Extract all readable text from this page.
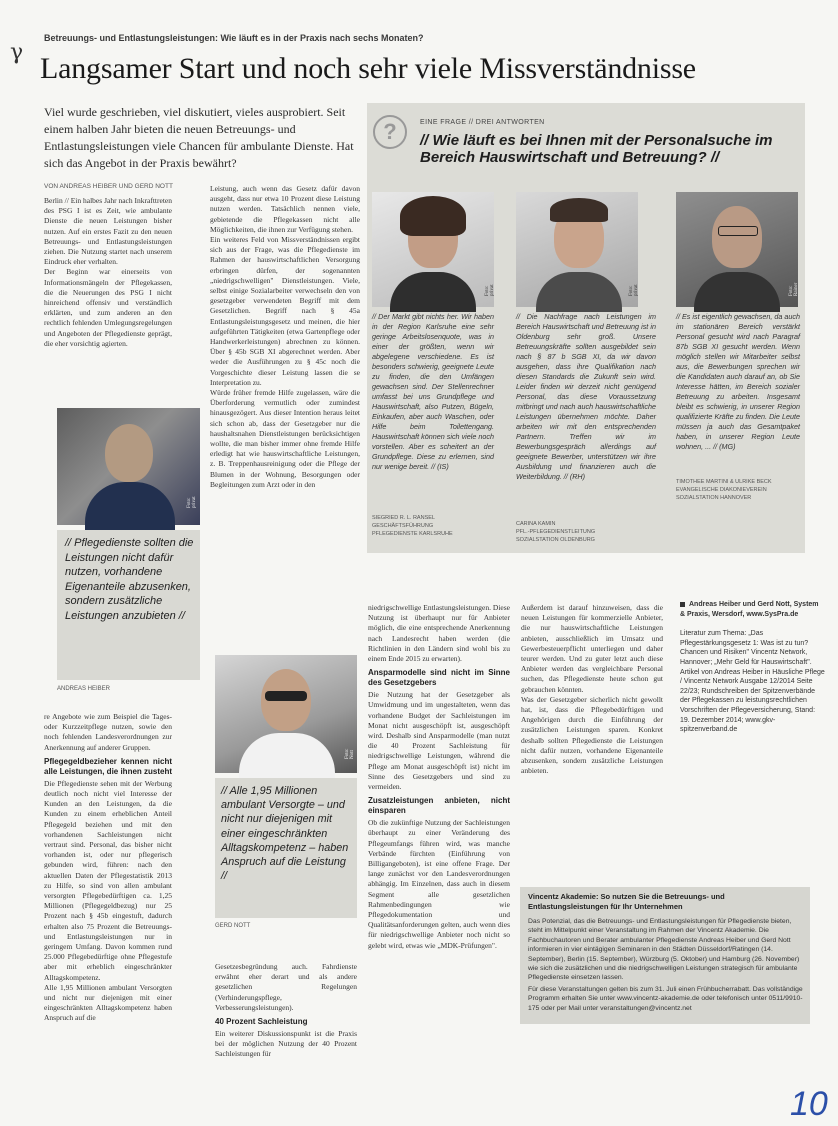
Betreuungs- und Entlastungsleistungen: Wie läuft es in der Praxis nach sechs Monaten?
γ Langsamer Start und noch sehr viele Missverständnisse
Viel wurde geschrieben, viel diskutiert, vieles ausprobiert. Seit einem halben Jahr bieten die neuen Betreuungs- und Entlastungsleistungen viele Chancen für ambulante Dienste. Hat sich das Angebot in der Praxis bewährt?
VON ANDREAS HEIBER UND GERD NOTT

Berlin // Ein halbes Jahr nach Inkrafttreten des PSG I ist es Zeit, wie ambulante Dienste die neuen Leistungen bisher nutzen. Auf ein erstes Fazit zu den neuen Betreuungs- und Entlastungsleistungen ziehen. Die Nutzung startet nach unserem Eindruck eher verhalten.

Der Beginn war einerseits von Informationsmängeln der Pflegekassen, die die Neuerungen des PSG I nicht hinreichend offensiv und verständlich erklärten, und zum anderen an den rechtlich fehlenden Umlegungsregelungen und Angeboten der Pflegedienste geprägt, die eher vorsichtig agierten.

Foto: privat
// Pflegedienste sollten die Leistungen nicht dafür nutzen, vorhandene Eigenanteile abzusenken, sondern zusätzliche Leistungen anzubieten //
ANDREAS HEIBER

re Angebote wie zum Beispiel die Tages- oder Kurzzeitpflege nutzen, sowie den noch fehlenden Landesverordnungen zur Anerkennung auf anderer Gruppen.

Pflegegeldbezieher kennen nicht alle Leistungen, die ihnen zusteht

Die Pflegedienste sehen mit der Werbung deutlich noch nicht viel Interesse der Kunden an den Leistungen, da die Kunden zu einem erheblichen Anteil Pflegegeld beziehen und mit den vorhandenen Sachleistungen nicht vertraut sind. Personal, das bisher nicht vorhanden ist, oder nur pflegerisch gebunden wird, führen: nach den aktuellen Daten der Pflegestatistik 2013 zu Hilfe, so sind von allen ambulant versorgten Pflegebedürftigen ca. 1,25 Millionen (Pflegegeldbezug) nur 25 Prozent nach § 45b eingestuft, dadurch erhalten also 75 Prozent die Betreuungs- und Entlastungsleistungen nur in geringem Umfang. Davon kommen rund 25.000 Pflegebedürftige ohne Pflegestufe aber mit erheblich eingeschränkter Alltagskompetenz.

Alle 1,95 Millionen ambulant Versorgten und nicht nur diejenigen mit einer eingeschränkten Alltagskompetenz haben Anspruch auf die

Leistung, auch wenn das Gesetz dafür davon ausgeht, dass nur etwa 10 Prozent diese Leistung nutzen werden. Tatsächlich nennen viele, gebietende die Pflegekassen nicht alle Möglichkeiten, die ihnen zur Verfügung stehen.

Ein weiteres Feld von Missverständnissen ergibt sich aus der Frage, was die Pflegedienste im Rahmen der hauswirtschaftlichen Versorgung erbringen dürfen, der sogenannten „niedrigschwelligen" Dienstleistungen. Viele, selbst einige Sozialarbeiter verwechseln den von gesetzgeber verwendeten Begriff mit dem Gesetzlichen. Begriff nach § 45a Entlastungsleistungsgesetz und meinen, die hier aufgeführten Tätigkeiten (etwa Gartenpflege oder Handwerkerleistungen) abrechnen zu können. Über § 45b SGB XI abgerechnet werden. Aber weder die Ausführungen zu § 45c noch die Vorgeschichte dieser Leistung lassen die se Interpretation zu.

Würde früher fremde Hilfe zugelassen, wäre die Überforderung vermutlich oder zumindest hinausgezögert. Aus dieser Intention heraus leitet sich schon ab, dass der Gesetzgeber nur die haushaltsnahen Dienstleistungen berücksichtigen wollte, die man bisher immer ohne fremde Hilfe erledigt hat wie hauswirtschaftliche Leistungen, z. B. Treppenhausreinigung oder die Pflege der Blumen in der Wohnung, Besorgungen oder Begleitungen zum Arzt oder in den

Foto: Nott
// Alle 1,95 Millionen ambulant Versorgte – und nicht nur diejenigen mit einer eingeschränkten Alltagskompetenz – haben Anspruch auf die Leistung //
GERD NOTT

Gesetzesbegründung auch. Fahrdienste erwähnt eher derart und als andere gesetzlichen Regelungen (Verhinderungspflege, Verbesserungsleistungen).

40 Prozent Sachleistung

Ein weiterer Diskussionspunkt ist die Praxis bei der möglichen Nutzung der 40 Prozent Sachleistungen für

niedrigschwellige Entlastungsleistungen. Diese Nutzung ist überhaupt nur für Anbieter möglich, die eine entsprechende Anerkennung nach Landesrecht haben werden (die Richtlinien in den Ländern sind wohl bis zu einem Ende 2015 zu erwarten).

Ansparmodelle sind nicht im Sinne des Gesetzgebers

Die Nutzung hat der Gesetzgeber als Umwidmung und im ungestalteten, wenn das vorhandene Budget der Sachleistungen im Monat nicht ausgeschöpft ist, ausgeschöpft wird. Deshalb sind Ansparmodelle (man nutzt die 40 Prozent Sachleistung für niedrigschwellige Leistungen, während die Pflege am Monat ausgeschöpft ist) nicht im Sinne des Gesetzgebers und sind zu vermeiden.

Zusatzleistungen anbieten, nicht einsparen

Ob die zukünftige Nutzung der Sachleistungen überhaupt zu einer Veränderung des Pflegeumfangs führen wird, was manche Verbände fürchten (Einführung von Billigangeboten), ist eine offene Frage. Der lange zunächst vor den Landesverordnungen abhängig. Im Einzelnen, dass auch in diesem Segment alle gesetzlichen Rahmenbedingungen wie Pflegedokumentation und Qualitätsanforderungen gelten, auch wenn dies für niedrigschwellige Anbieter noch nicht so gelebt wird, etwas wie „MDK-Prüfungen".

Außerdem ist darauf hinzuweisen, dass die neuen Leistungen für kommerzielle Anbieter, die nur hauswirtschaftliche Leistungen anbieten, ausschließlich im Umsatz und Gewerbesteuerpflicht unterliegen und daher teurer werden. Und zu guter letzt auch diese Anbieter werden das vergleichbare Personal suchen, das Pflegedienste heute schon gut gebrauchen könnten.

Was der Gesetzgeber sicherlich nicht gewollt hat, ist, dass die Pflegebedürftigen und Angehörigen durch die Einführung der zusätzlichen Leistungen sparen. Konkret deshalb sollten Pflegedienste die Leistungen nicht dafür nutzen, vorhandene Eigenanteile abzusenken, sondern zusätzliche Leistungen anbieten.

?	EINE FRAGE // DREI ANTWORTEN
// Wie läuft es bei Ihnen mit der Personalsuche im Bereich Hauswirtschaft und Betreuung? //
Foto: privat	Foto: privat	Foto: Rainer
// Der Markt gibt nichts her. Wir haben in der Region Karlsruhe eine sehr geringe Arbeitslosenquote, was in einer der größten, wenn wir abgelegene verschiedene. Es ist besonders schwierig, geeignete Leute zu finden, die den Umfängen gewachsen sind. Der Stellenrechner umfasst bei uns Grundpflege und Hauswirtschaft, also Putzen, Bügeln, Einkaufen, aber auch Waschen, oder Hilfe beim Toilettengang. Hauswirtschaft können sich viele noch vorstellen. Aber es scheitert an der Grundpflege. Diese zu erlernen, sind nur wenige bereit. // (IS)
SIEGRIED R. L. RANSEL
GESCHÄFTSFÜHRUNG
PFLEGEDIENSTE KARLSRUHE
// Die Nachfrage nach Leistungen im Bereich Hauswirtschaft und Betreuung ist in Oldenburg sehr groß. Unsere Betreuungskräfte sollten ausgebildet sein nach § 87 b SGB XI, da wir davon ausgehen, dass ihre Qualifikation nach diesen Standards die Zukunft sein wird. Leider finden wir derzeit nicht genügend Personal, das diese Voraussetzung mitbringt und nach auch hauswirtschaftliche Leistungen übernehmen möchte. Daher arbeiten wir mit den entsprechenden Partnern. Treffen wir im Bewerbungsgespräch allerdings auf geeignete Bewerber, unterstützen wir ihre Ausbildung und finanzieren auch die Weiterbildung. // (RH)
CARINA KAMIN
PFL.-PFLEGEDIENSTLEITUNG
SOZIALSTATION OLDENBURG
// Es ist eigentlich gewachsen, da auch im stationären Bereich verstärkt Personal gesucht wird nach Paragraf 87b SGB XI gesucht werden. Wenn möglich stellen wir Mitarbeiter selbst aus, die Bewerbungen sprechen wir die Kandidaten auch darauf an, ob Sie Interesse hätten, im Bereich sozialer Betreuung zu arbeiten. Insgesamt bleibt es schwierig, in unserer Region qualifizierte Kräfte zu finden. Die Leute müssen ja auch das Gesamtpaket haben, in unserer Region Leute wohnen, ... // (MG)
TIMOTHEE MARTINI & ULRIKE BECK
EVANGELISCHE DIAKONIEVEREIN
SOZIALSTATION HANNOVER
Andreas Heiber und Gerd Nott, System & Praxis, Wersdorf, www.SysPra.de
Literatur zum Thema: „Das Pflegestärkungsgesetz 1: Was ist zu tun? Chancen und Risiken" Vincentz Network, Hannover; „Mehr Geld für Hauswirtschaft". Artikel von Andreas Heiber in Häusliche Pflege / Vincentz Network Ausgabe 12/2014 Seite 22/23; Rundschreiben der Spitzenverbände der Pflegekassen zu leistungsrechtlichen Vorschriften der Pflegeversicherung, Stand: 19. Dezember 2014; www.gkv-spitzenverband.de
Vincentz Akademie: So nutzen Sie die Betreuungs- und Entlastungsleistungen für Ihr Unternehmen
Das Potenzial, das die Betreuungs- und Entlastungsleistungen für Pflegedienste bieten, steht im Mittelpunkt einer Veranstaltung im Rahmen der Vincentz Akademie. Die Fachbuchautoren und Berater ambulanter Pflegedienste Andreas Heiber und Gerd Nott informieren in vier eintägigen Seminaren in den Städten Düsseldorf/Ratingen (14. September), Berlin (15. September), Würzburg (5. Oktober) und Hamburg (26. November) wie sich die zusätzlichen und die niedrigschwelligen Leistungen strategisch für ambulante Pflegedienste einsetzen lassen.
Für diese Veranstaltungen gelten bis zum 31. Juli einen Frühbucherrabatt. Das vollständige Programm erhalten Sie unter www.vincentz-akademie.de oder telefonisch unter 0511/9910-175 oder per Mail unter veranstaltungen@vincentz.net
10
